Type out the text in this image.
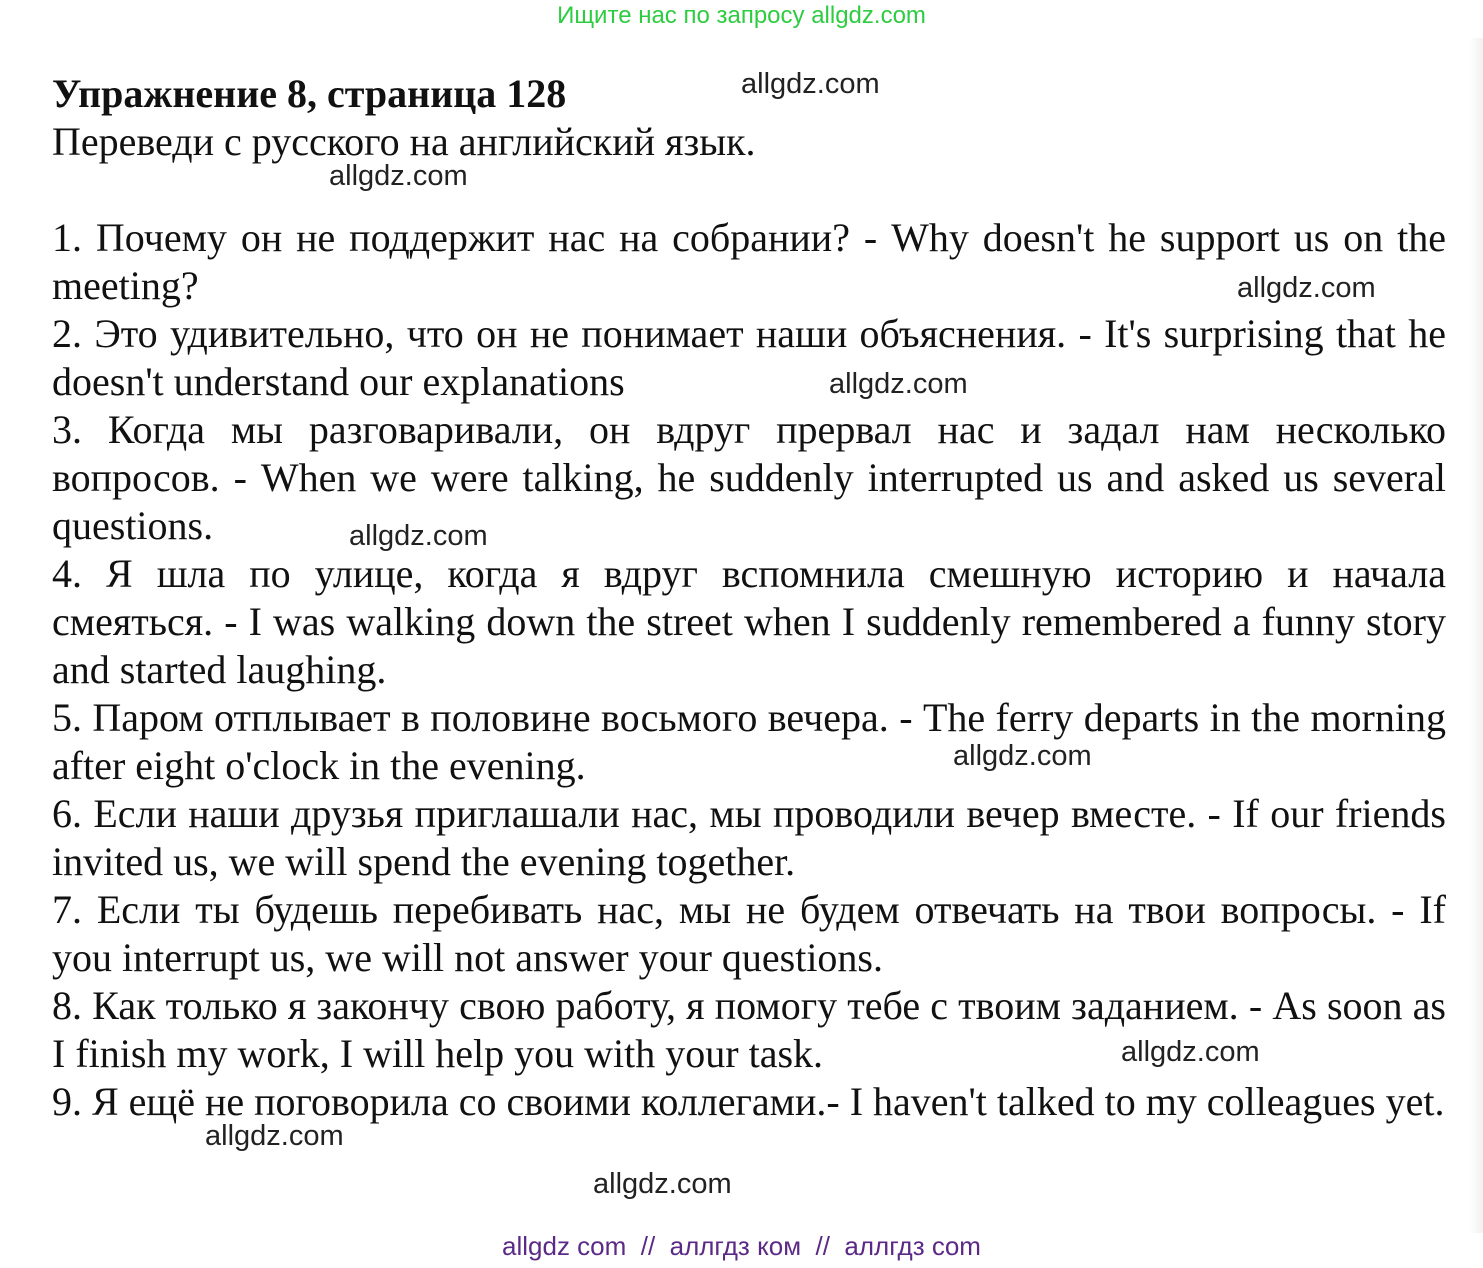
Ищите нас по запросу allgdz.com
Упражнение 8, страница 128

Переведи с русского на английский язык.

1. Почему он не поддержит нас на собрании? - Why doesn't he support us on the meeting?

2. Это удивительно, что он не понимает наши объяснения. - It's surprising that he doesn't understand our explanations

3. Когда мы разговаривали, он вдруг прервал нас и задал нам несколько вопросов. - When we were talking, he suddenly interrupted us and asked us several questions.

4. Я шла по улице, когда я вдруг вспомнила смешную историю и начала смеяться. - I was walking down the street when I suddenly remembered a funny story and started laughing.

5. Паром отплывает в половине восьмого вечера. - The ferry departs in the morning after eight o'clock in the evening.

6. Если наши друзья приглашали нас, мы проводили вечер вместе. - If our friends invited us, we will spend the evening together.

7. Если ты будешь перебивать нас, мы не будем отвечать на твои вопросы. - If you interrupt us, we will not answer your questions.

8. Как только я закончу свою работу, я помогу тебе с твоим заданием. - As soon as I finish my work, I will help you with your task.

9. Я ещё не поговорила со своими коллегами.- I haven't talked to my colleagues yet.

allgdz.com
allgdz.com
allgdz.com
allgdz.com
allgdz.com
allgdz.com
allgdz.com
allgdz.com
allgdz.com
allgdz com  //  аллгдз ком  //  аллгдз com
